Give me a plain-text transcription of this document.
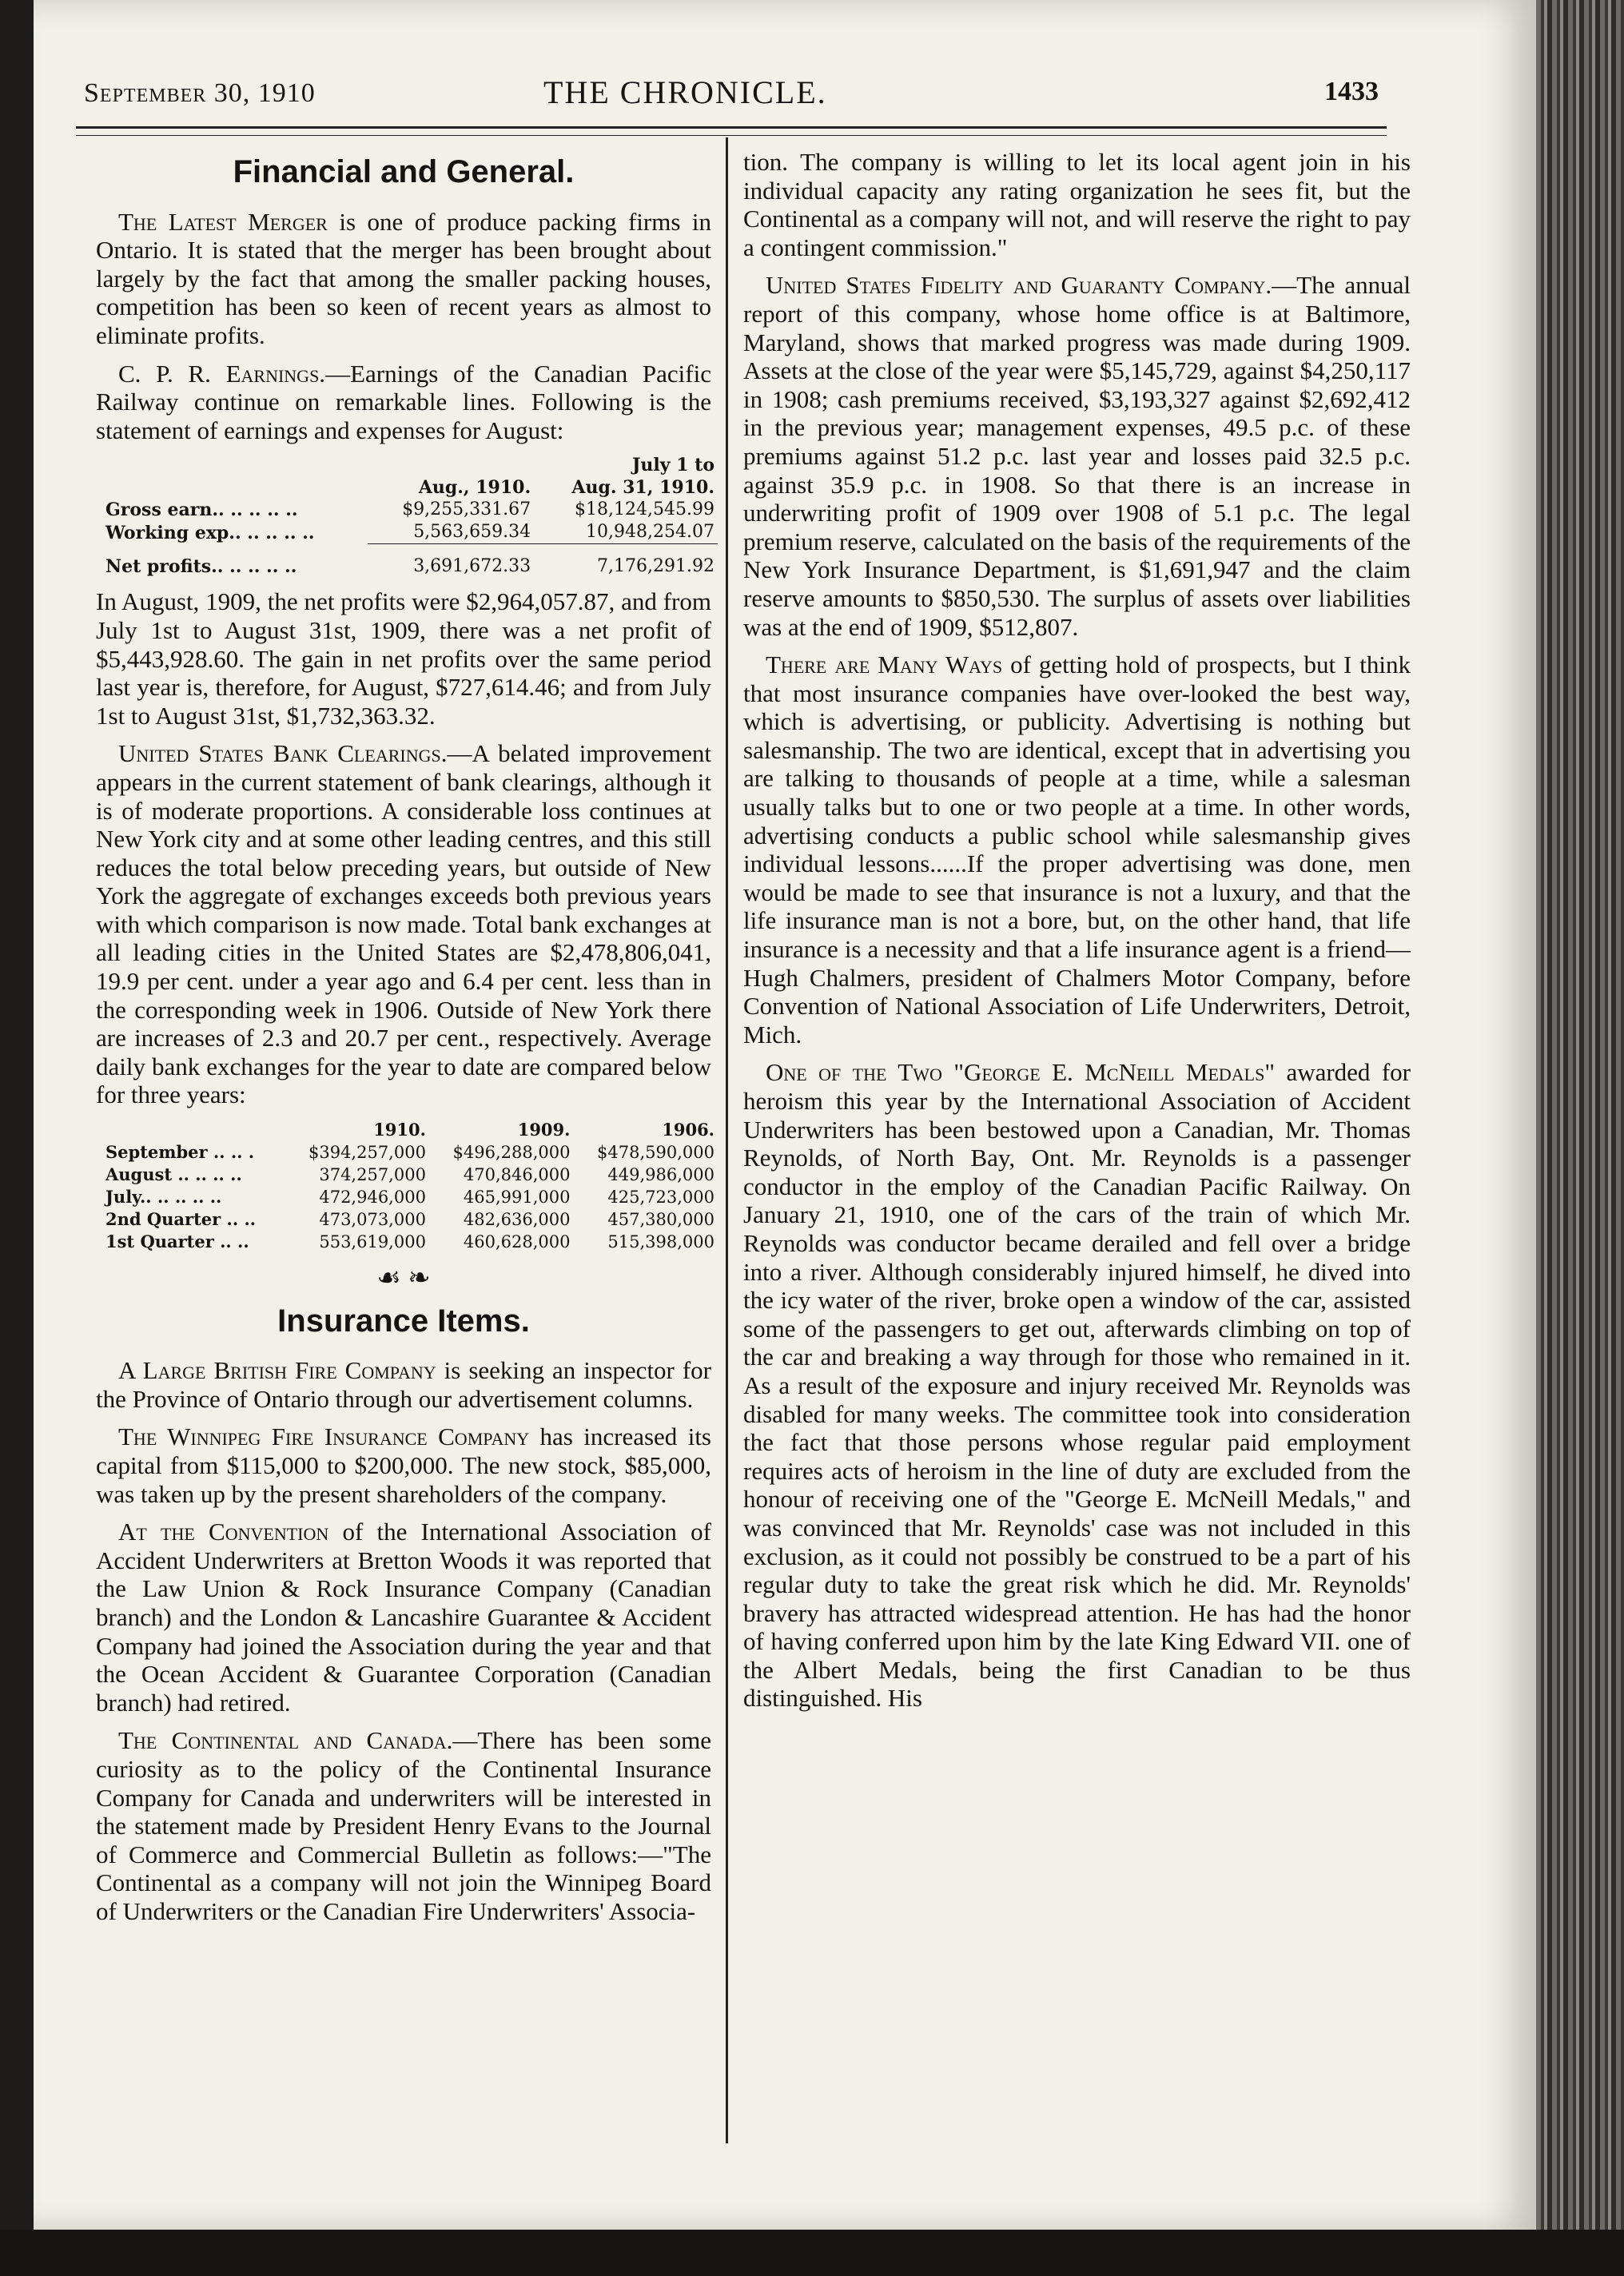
September 30, 1910	THE CHRONICLE.	1433
Financial and General.

The Latest Merger is one of produce packing firms in Ontario. It is stated that the merger has been brought about largely by the fact that among the smaller packing houses, competition has been so keen of recent years as almost to eliminate profits.

C. P. R. Earnings.—Earnings of the Canadian Pacific Railway continue on remarkable lines. Following is the statement of earnings and expenses for August:

		July 1 to
	Aug., 1910.	Aug. 31, 1910.
Gross earn.. .. .. .. ..	$9,255,331.67	$18,124,545.99
Working exp.. .. .. .. ..	5,563,659.34	10,948,254.07

Net profits.. .. .. .. ..	3,691,672.33	7,176,291.92

In August, 1909, the net profits were $2,964,057.87, and from July 1st to August 31st, 1909, there was a net profit of $5,443,928.60. The gain in net profits over the same period last year is, therefore, for August, $727,614.46; and from July 1st to August 31st, $1,732,363.32.

United States Bank Clearings.—A belated improvement appears in the current statement of bank clearings, although it is of moderate proportions. A considerable loss continues at New York city and at some other leading centres, and this still reduces the total below preceding years, but outside of New York the aggregate of exchanges exceeds both previous years with which comparison is now made. Total bank exchanges at all leading cities in the United States are $2,478,806,041, 19.9 per cent. under a year ago and 6.4 per cent. less than in the corresponding week in 1906. Outside of New York there are increases of 2.3 and 20.7 per cent., respectively. Average daily bank exchanges for the year to date are compared below for three years:

	1910.	1909.	1906.
September .. .. .	$394,257,000	$496,288,000	$478,590,000
August .. .. .. ..	374,257,000	470,846,000	449,986,000
July.. .. .. .. ..	472,946,000	465,991,000	425,723,000
2nd Quarter .. ..	473,073,000	482,636,000	457,380,000
1st Quarter .. ..	553,619,000	460,628,000	515,398,000
☙ ❧
Insurance Items.

A Large British Fire Company is seeking an inspector for the Province of Ontario through our advertisement columns.

The Winnipeg Fire Insurance Company has increased its capital from $115,000 to $200,000. The new stock, $85,000, was taken up by the present shareholders of the company.

At the Convention of the International Association of Accident Underwriters at Bretton Woods it was reported that the Law Union & Rock Insurance Company (Canadian branch) and the London & Lancashire Guarantee & Accident Company had joined the Association during the year and that the Ocean Accident & Guarantee Corporation (Canadian branch) had retired.

The Continental and Canada.—There has been some curiosity as to the policy of the Continental Insurance Company for Canada and underwriters will be interested in the statement made by President Henry Evans to the Journal of Commerce and Commercial Bulletin as follows:—"The Continental as a company will not join the Winnipeg Board of Underwriters or the Canadian Fire Underwriters' Associa-

tion. The company is willing to let its local agent join in his individual capacity any rating organization he sees fit, but the Continental as a company will not, and will reserve the right to pay a contingent commission."

United States Fidelity and Guaranty Company.—The annual report of this company, whose home office is at Baltimore, Maryland, shows that marked progress was made during 1909. Assets at the close of the year were $5,145,729, against $4,250,117 in 1908; cash premiums received, $3,193,327 against $2,692,412 in the previous year; management expenses, 49.5 p.c. of these premiums against 51.2 p.c. last year and losses paid 32.5 p.c. against 35.9 p.c. in 1908. So that there is an increase in underwriting profit of 1909 over 1908 of 5.1 p.c. The legal premium reserve, calculated on the basis of the requirements of the New York Insurance Department, is $1,691,947 and the claim reserve amounts to $850,530. The surplus of assets over liabilities was at the end of 1909, $512,807.

There are Many Ways of getting hold of prospects, but I think that most insurance companies have over-looked the best way, which is advertising, or publicity. Advertising is nothing but salesmanship. The two are identical, except that in advertising you are talking to thousands of people at a time, while a salesman usually talks but to one or two people at a time. In other words, advertising conducts a public school while salesmanship gives individual lessons......If the proper advertising was done, men would be made to see that insurance is not a luxury, and that the life insurance man is not a bore, but, on the other hand, that life insurance is a necessity and that a life insurance agent is a friend—Hugh Chalmers, president of Chalmers Motor Company, before Convention of National Association of Life Underwriters, Detroit, Mich.

One of the Two "George E. McNeill Medals" awarded for heroism this year by the International Association of Accident Underwriters has been bestowed upon a Canadian, Mr. Thomas Reynolds, of North Bay, Ont. Mr. Reynolds is a passenger conductor in the employ of the Canadian Pacific Railway. On January 21, 1910, one of the cars of the train of which Mr. Reynolds was conductor became derailed and fell over a bridge into a river. Although considerably injured himself, he dived into the icy water of the river, broke open a window of the car, assisted some of the passengers to get out, afterwards climbing on top of the car and breaking a way through for those who remained in it. As a result of the exposure and injury received Mr. Reynolds was disabled for many weeks. The committee took into consideration the fact that those persons whose regular paid employment requires acts of heroism in the line of duty are excluded from the honour of receiving one of the "George E. McNeill Medals," and was convinced that Mr. Reynolds' case was not included in this exclusion, as it could not possibly be construed to be a part of his regular duty to take the great risk which he did. Mr. Reynolds' bravery has attracted widespread attention. He has had the honor of having conferred upon him by the late King Edward VII. one of the Albert Medals, being the first Canadian to be thus distinguished. His
